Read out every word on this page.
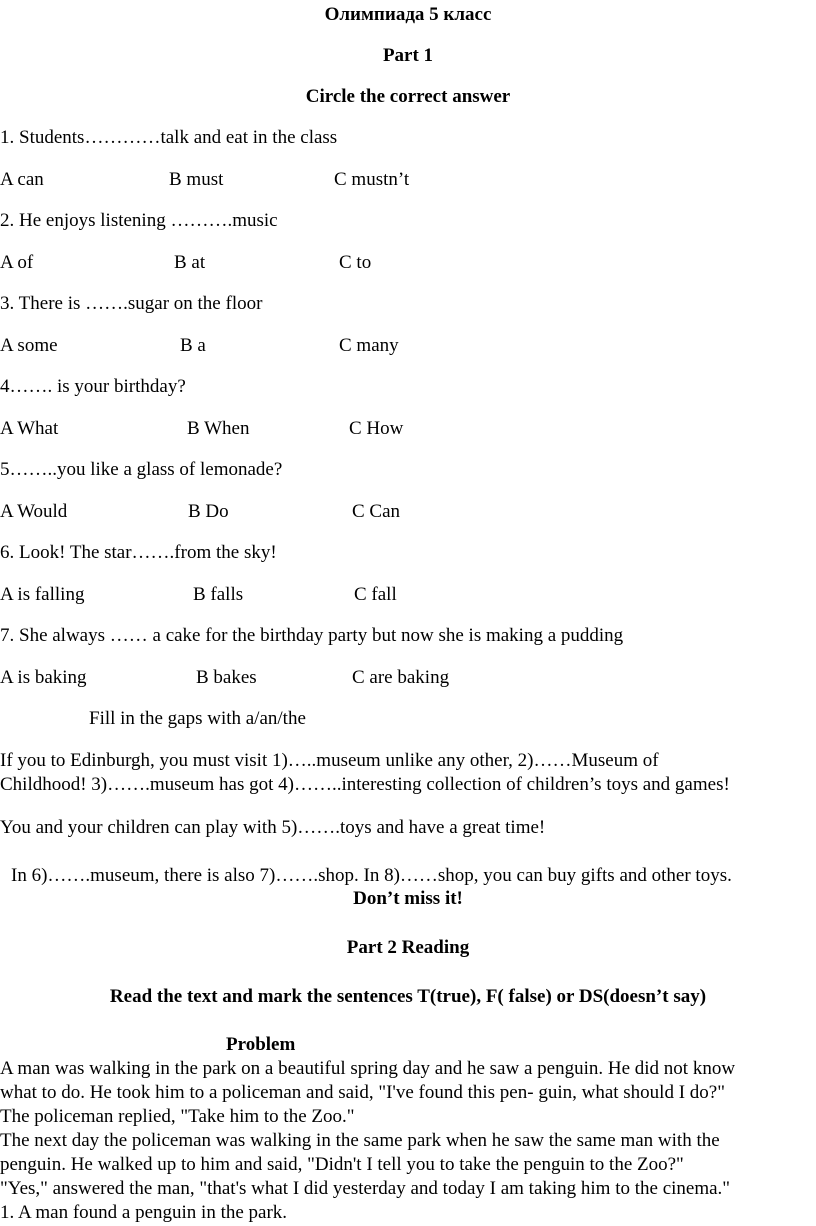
Олимпиада 5 класс
Part 1
Circle the correct answer
1. Students…………talk and eat in the class
A can	B must	C mustn’t
2. He enjoys listening ……….music
A of	B at	C to
3. There is …….sugar on the floor
A some	B a	C many
4……. is your birthday?
A What	B When	C How
5……..you like a glass of lemonade?
A Would	B Do	C Can
6. Look! The star…….from the sky!
A is falling	B falls	C fall
7. She always …… a cake for the birthday party but now she is making a pudding
A is baking	B bakes	C are baking
Fill in the gaps with a/an/the
If you to Edinburgh, you must visit 1)…..museum unlike any other, 2)……Museum of
Childhood! 3)…….museum has got 4)……..interesting collection of children’s toys and games!
You and your children can play with 5)…….toys and have a great time!
In 6)…….museum, there is also 7)…….shop. In 8)……shop, you can buy gifts and other toys.
Don’t miss it!
Part 2 Reading
Read the text and mark the sentences T(true), F( false) or DS(doesn’t say)
Problem
A man was walking in the park on a beautiful spring day and he saw a penguin. He did not know
what to do. He took him to a policeman and said, "I've found this pen- guin, what should I do?"
The policeman replied, "Take him to the Zoo."
The next day the policeman was walking in the same park when he saw the same man with the
penguin. He walked up to him and said, "Didn't I tell you to take the penguin to the Zoo?"
"Yes," answered the man, "that's what I did yesterday and today I am taking him to the cinema."
1. A man found a penguin in the park.
